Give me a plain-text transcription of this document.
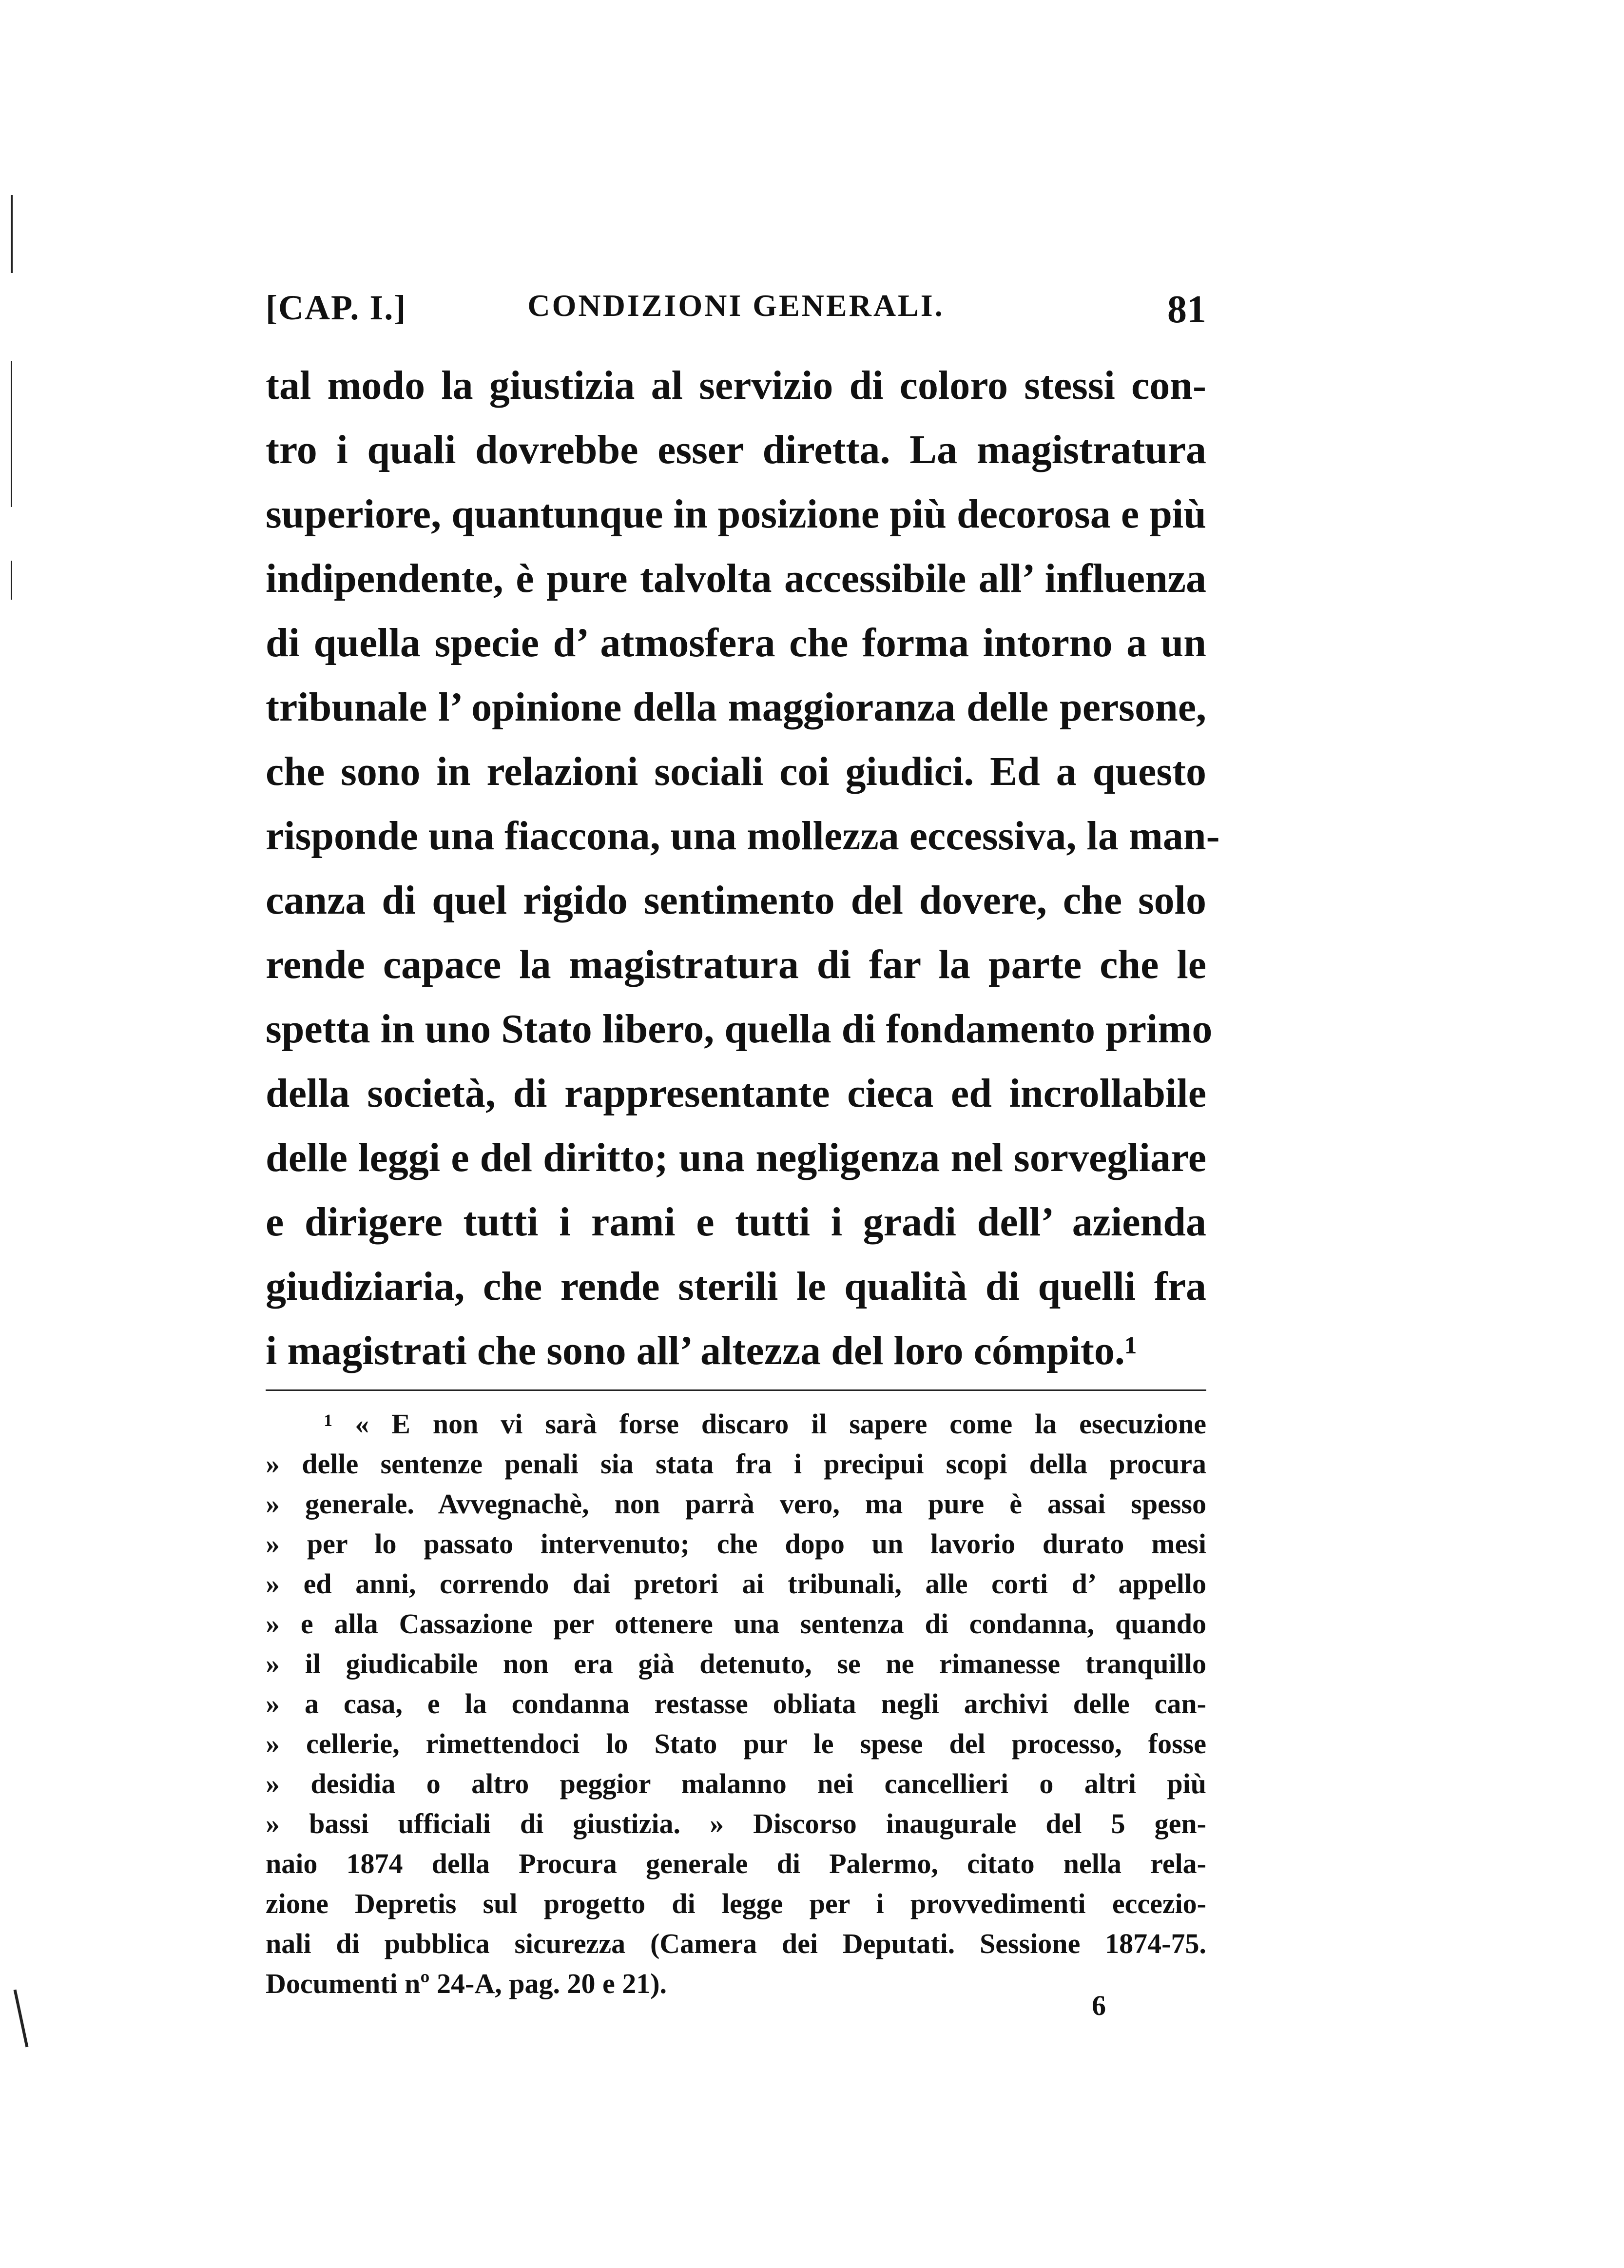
[CAP. I.]	CONDIZIONI GENERALI.	81
tal modo la giustizia al servizio di coloro stessi con-
tro i quali dovrebbe esser diretta. La magistratura
superiore, quantunque in posizione più decorosa e più
indipendente, è pure talvolta accessibile all’ influenza
di quella specie d’ atmosfera che forma intorno a un
tribunale l’ opinione della maggioranza delle persone,
che sono in relazioni sociali coi giudici. Ed a questo
risponde una fiaccona, una mollezza eccessiva, la man-
canza di quel rigido sentimento del dovere, che solo
rende capace la magistratura di far la parte che le
spetta in uno Stato libero, quella di fondamento primo
della società, di rappresentante cieca ed incrollabile
delle leggi e del diritto; una negligenza nel sorvegliare
e dirigere tutti i rami e tutti i gradi dell’ azienda
giudiziaria, che rende sterili le qualità di quelli fra
i magistrati che sono all’ altezza del loro cómpito.¹
¹ « E non vi sarà forse discaro il sapere come la esecuzione
» delle sentenze penali sia stata fra i precipui scopi della procura
» generale. Avvegnachè, non parrà vero, ma pure è assai spesso
» per lo passato intervenuto; che dopo un lavorio durato mesi
» ed anni, correndo dai pretori ai tribunali, alle corti d’ appello
» e alla Cassazione per ottenere una sentenza di condanna, quando
» il giudicabile non era già detenuto, se ne rimanesse tranquillo
» a casa, e la condanna restasse obliata negli archivi delle can-
» cellerie, rimettendoci lo Stato pur le spese del processo, fosse
» desidia o altro peggior malanno nei cancellieri o altri più
» bassi ufficiali di giustizia. » Discorso inaugurale del 5 gen-
naio 1874 della Procura generale di Palermo, citato nella rela-
zione Depretis sul progetto di legge per i provvedimenti eccezio-
nali di pubblica sicurezza (Camera dei Deputati. Sessione 1874-75.
Documenti nº 24-A, pag. 20 e 21).
6
